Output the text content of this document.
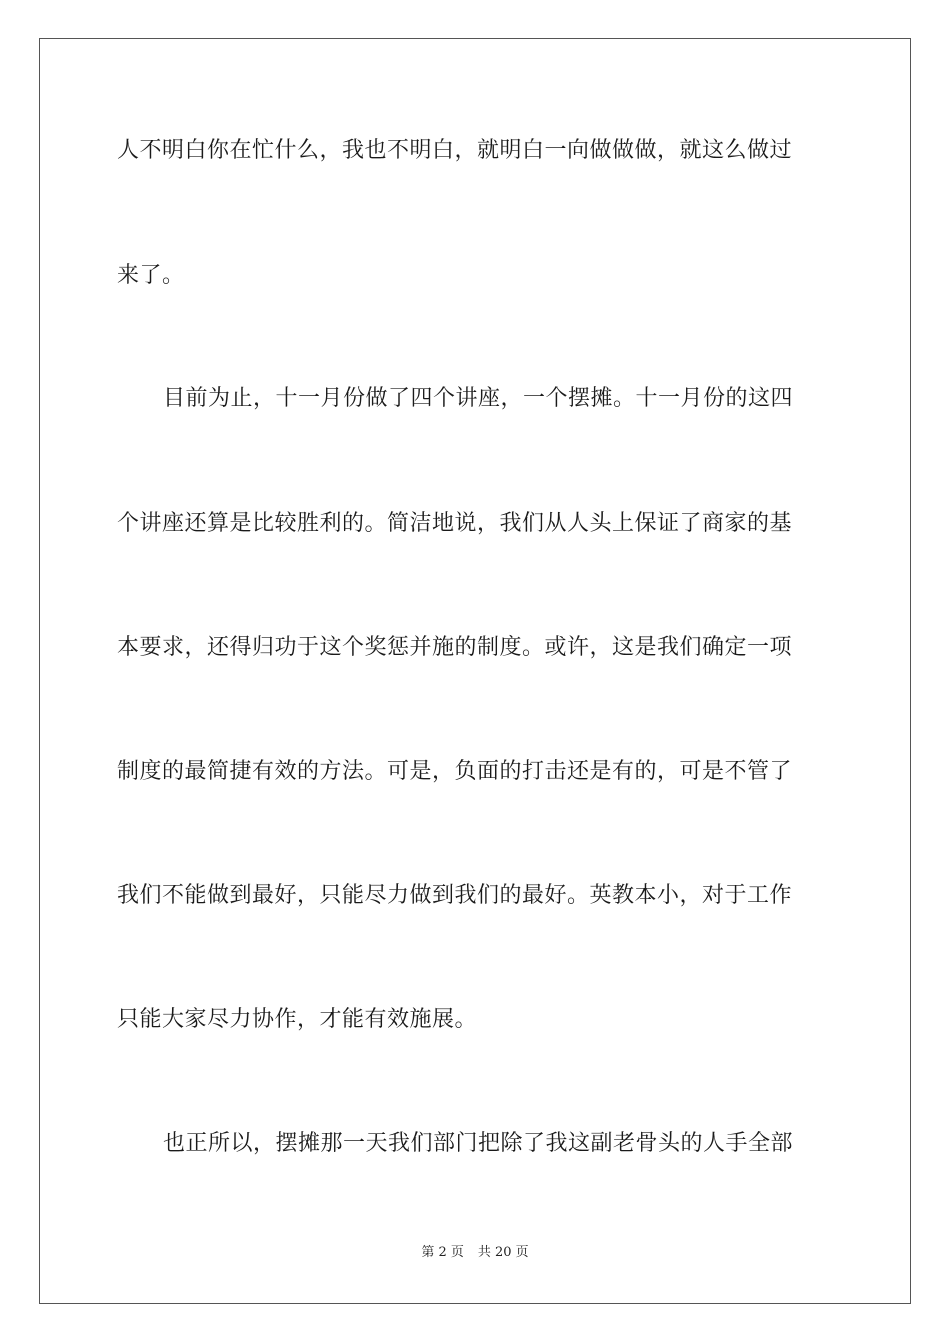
人不明白你在忙什么，我也不明白，就明白一向做做做，就这么做过
来了。
目前为止，十一月份做了四个讲座，一个摆摊。十一月份的这四
个讲座还算是比较胜利的。简洁地说，我们从人头上保证了商家的基
本要求，还得归功于这个奖惩并施的制度。或许，这是我们确定一项
制度的最简捷有效的方法。可是，负面的打击还是有的，可是不管了
我们不能做到最好，只能尽力做到我们的最好。英教本小，对于工作
只能大家尽力协作，才能有效施展。
也正所以，摆摊那一天我们部门把除了我这副老骨头的人手全部
第 2 页 共 20 页
